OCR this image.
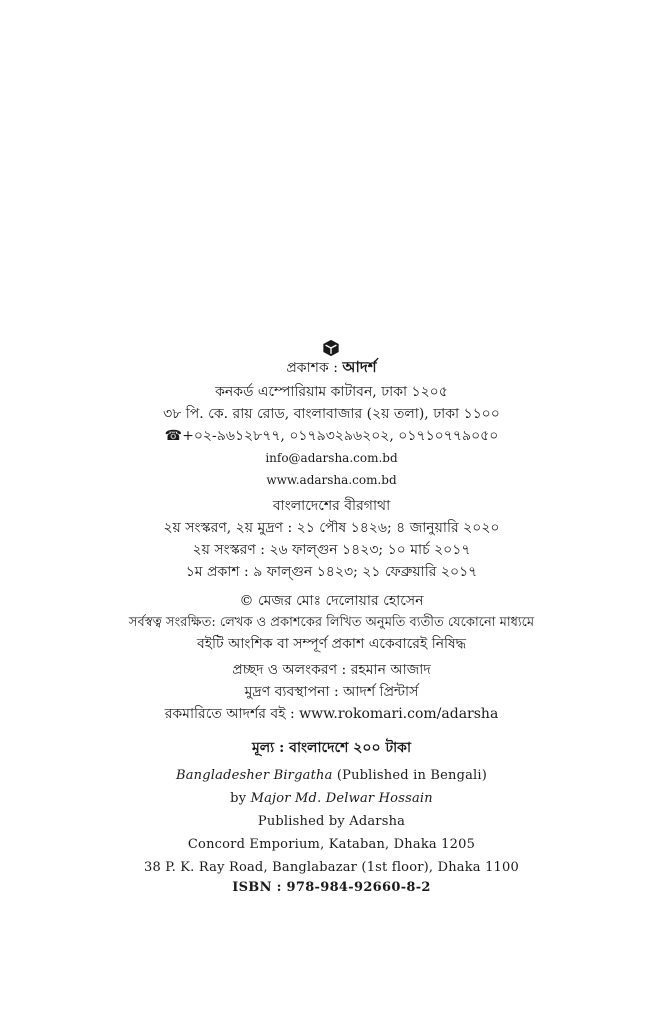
প্রকাশক : আদর্শ
কনকর্ড এম্পোরিয়াম কাটাবন, ঢাকা ১২০৫
৩৮ পি. কে. রায় রোড, বাংলাবাজার (২য় তলা), ঢাকা ১১০০
☎+০২-৯৬১২৮৭৭, ০১৭৯৩২৯৬২০২, ০১৭১০৭৭৯০৫০
info@adarsha.com.bd
www.adarsha.com.bd
বাংলাদেশের বীরগাথা
২য় সংস্করণ, ২য় মুদ্রণ : ২১ পৌষ ১৪২৬; ৪ জানুয়ারি ২০২০
২য় সংস্করণ : ২৬ ফাল্গুন ১৪২৩; ১০ মার্চ ২০১৭
১ম প্রকাশ : ৯ ফাল্গুন ১৪২৩; ২১ ফেব্রুয়ারি ২০১৭
© মেজর মোঃ দেলোয়ার হোসেন
সর্বস্বত্ব সংরক্ষিত: লেখক ও প্রকাশকের লিখিত অনুমতি ব্যতীত যেকোনো মাধ্যমে
বইটি আংশিক বা সম্পূর্ণ প্রকাশ একেবারেই নিষিদ্ধ
প্রচ্ছদ ও অলংকরণ : রহমান আজাদ
মুদ্রণ ব্যবস্থাপনা : আদর্শ প্রিন্টার্স
রকমারিতে আদর্শর বই : www.rokomari.com/adarsha
মূল্য : বাংলাদেশে ২০০ টাকা
Bangladesher Birgatha (Published in Bengali)
by Major Md. Delwar Hossain
Published by Adarsha
Concord Emporium, Kataban, Dhaka 1205
38 P. K. Ray Road, Banglabazar (1st floor), Dhaka 1100
ISBN : 978-984-92660-8-2
